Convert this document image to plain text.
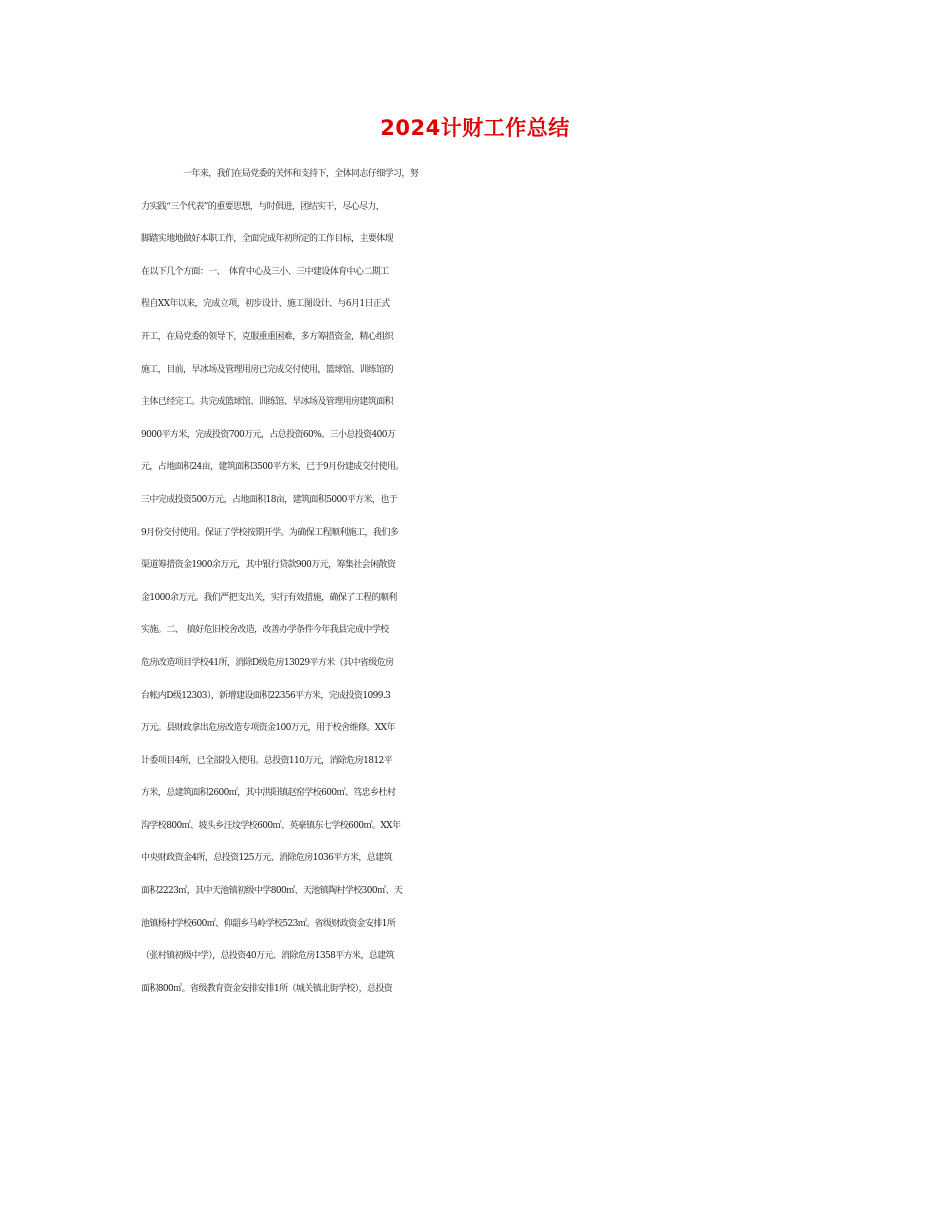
2024计财工作总结
一年来，我们在局党委的关怀和支持下，全体同志仔细学习，努
力实践“三个代表”的重要思想，与时俱进，团结实干，尽心尽力，
脚踏实地地做好本职工作，全面完成年初所定的工作目标，主要体现
在以下几个方面：一、　体育中心及三小、三中建设体育中心二期工
程自XX年以来，完成立项，初步设计、施工图设计、与6月1日正式
开工，在局党委的领导下，克服重重困难，多方筹措资金，精心组织
施工，目前，旱冰场及管理用房已完成交付使用，篮球馆、训练馆的
主体已经完工。共完成篮球馆、训练馆、旱冰场及管理用房建筑面积
9000平方米，完成投资700万元，占总投资60%。三小总投资400万
元，占地面积24亩，建筑面积3500平方米，已于9月份建成交付使用。
三中完成投资500万元，占地面积18亩，建筑面积5000平方米，也于
9月份交付使用。保证了学校按期开学。为确保工程顺利施工，我们多
渠道筹措资金1900余万元，其中银行贷款900万元，筹集社会闲散资
金1000余万元。我们严把支出关，实行有效措施，确保了工程的顺利
实施。二、　搞好危旧校舍改造，改善办学条件今年我县完成中学校
危房改造项目学校41所，消除D级危房13029平方米（其中省级危房
台帐内D级12303），新增建设面积22356平方米，完成投资1099.3
万元。县财政拿出危房改造专项资金100万元，用于校舍维修。XX年
计委项目4所，已全部投入使用。总投资110万元，消除危房1812平
方米，总建筑面积2600㎡，其中洪阳镇赵窑学校600㎡、笃忠乡杜村
沟学校800㎡、坡头乡汪坟学校600㎡、英豪镇东七学校600㎡。XX年
中央财政资金4所，总投资125万元、消除危房1036平方米，总建筑
面积2223㎡，其中天池镇初级中学800㎡、天池镇陶村学校300㎡、天
池镇杨村学校600㎡、仰韶乡马岭学校523㎡。省级财政资金安排1所
（张村镇初级中学），总投资40万元、消除危房1358平方米，总建筑
面积800㎡。省级教育资金安排安排1所（城关镇北街学校），总投资
